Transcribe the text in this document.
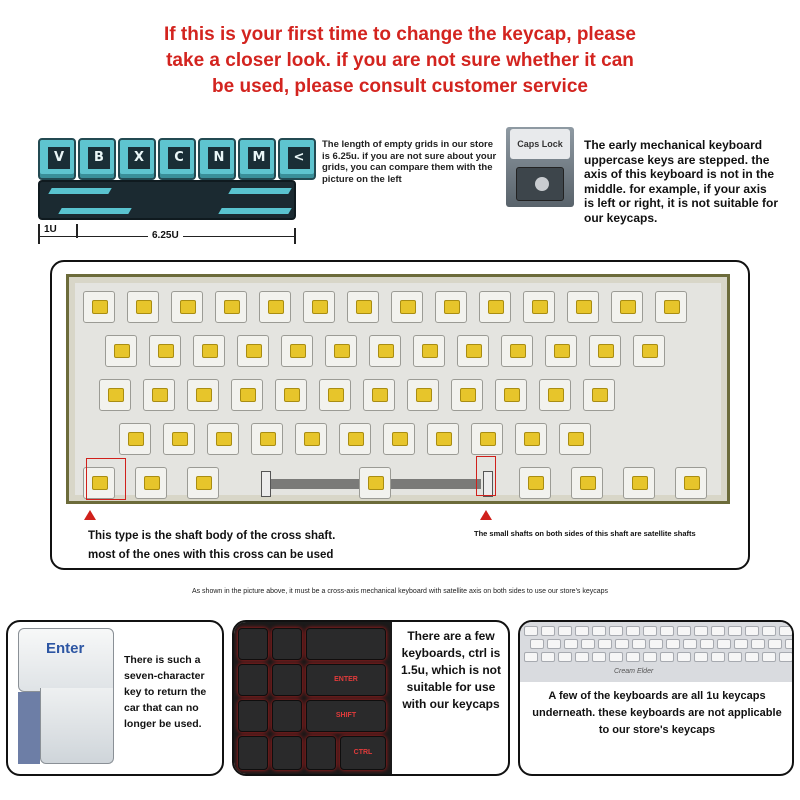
If this is your first time to change the keycap, please
take a closer look. if you are not sure whether it can
be used, please consult customer service
V	B	X	C	N	M	<
1U
6.25U
The length of empty grids in our store is 6.25u. if you are not sure about your grids, you can compare them with the picture on the left
Caps Lock	The early mechanical keyboard uppercase keys are stepped. the axis of this keyboard is not in the middle. for example, if your axis is left or right, it is not suitable for our keycaps.
This type is the shaft body of the cross shaft.
most of the ones with this cross can be used
The small shafts on both sides of this shaft are satellite shafts
As shown in the picture above, it must be a cross-axis mechanical keyboard with satellite axis on both sides to use our store's keycaps
Enter
There is such a seven-character key to return the car that can no longer be used.
ENTER
SHIFT
CTRL
There are a few keyboards, ctrl is 1.5u, which is not suitable for use with our keycaps
Cream Elder
A few of the keyboards are all 1u keycaps underneath. these keyboards are not applicable to our store's keycaps
